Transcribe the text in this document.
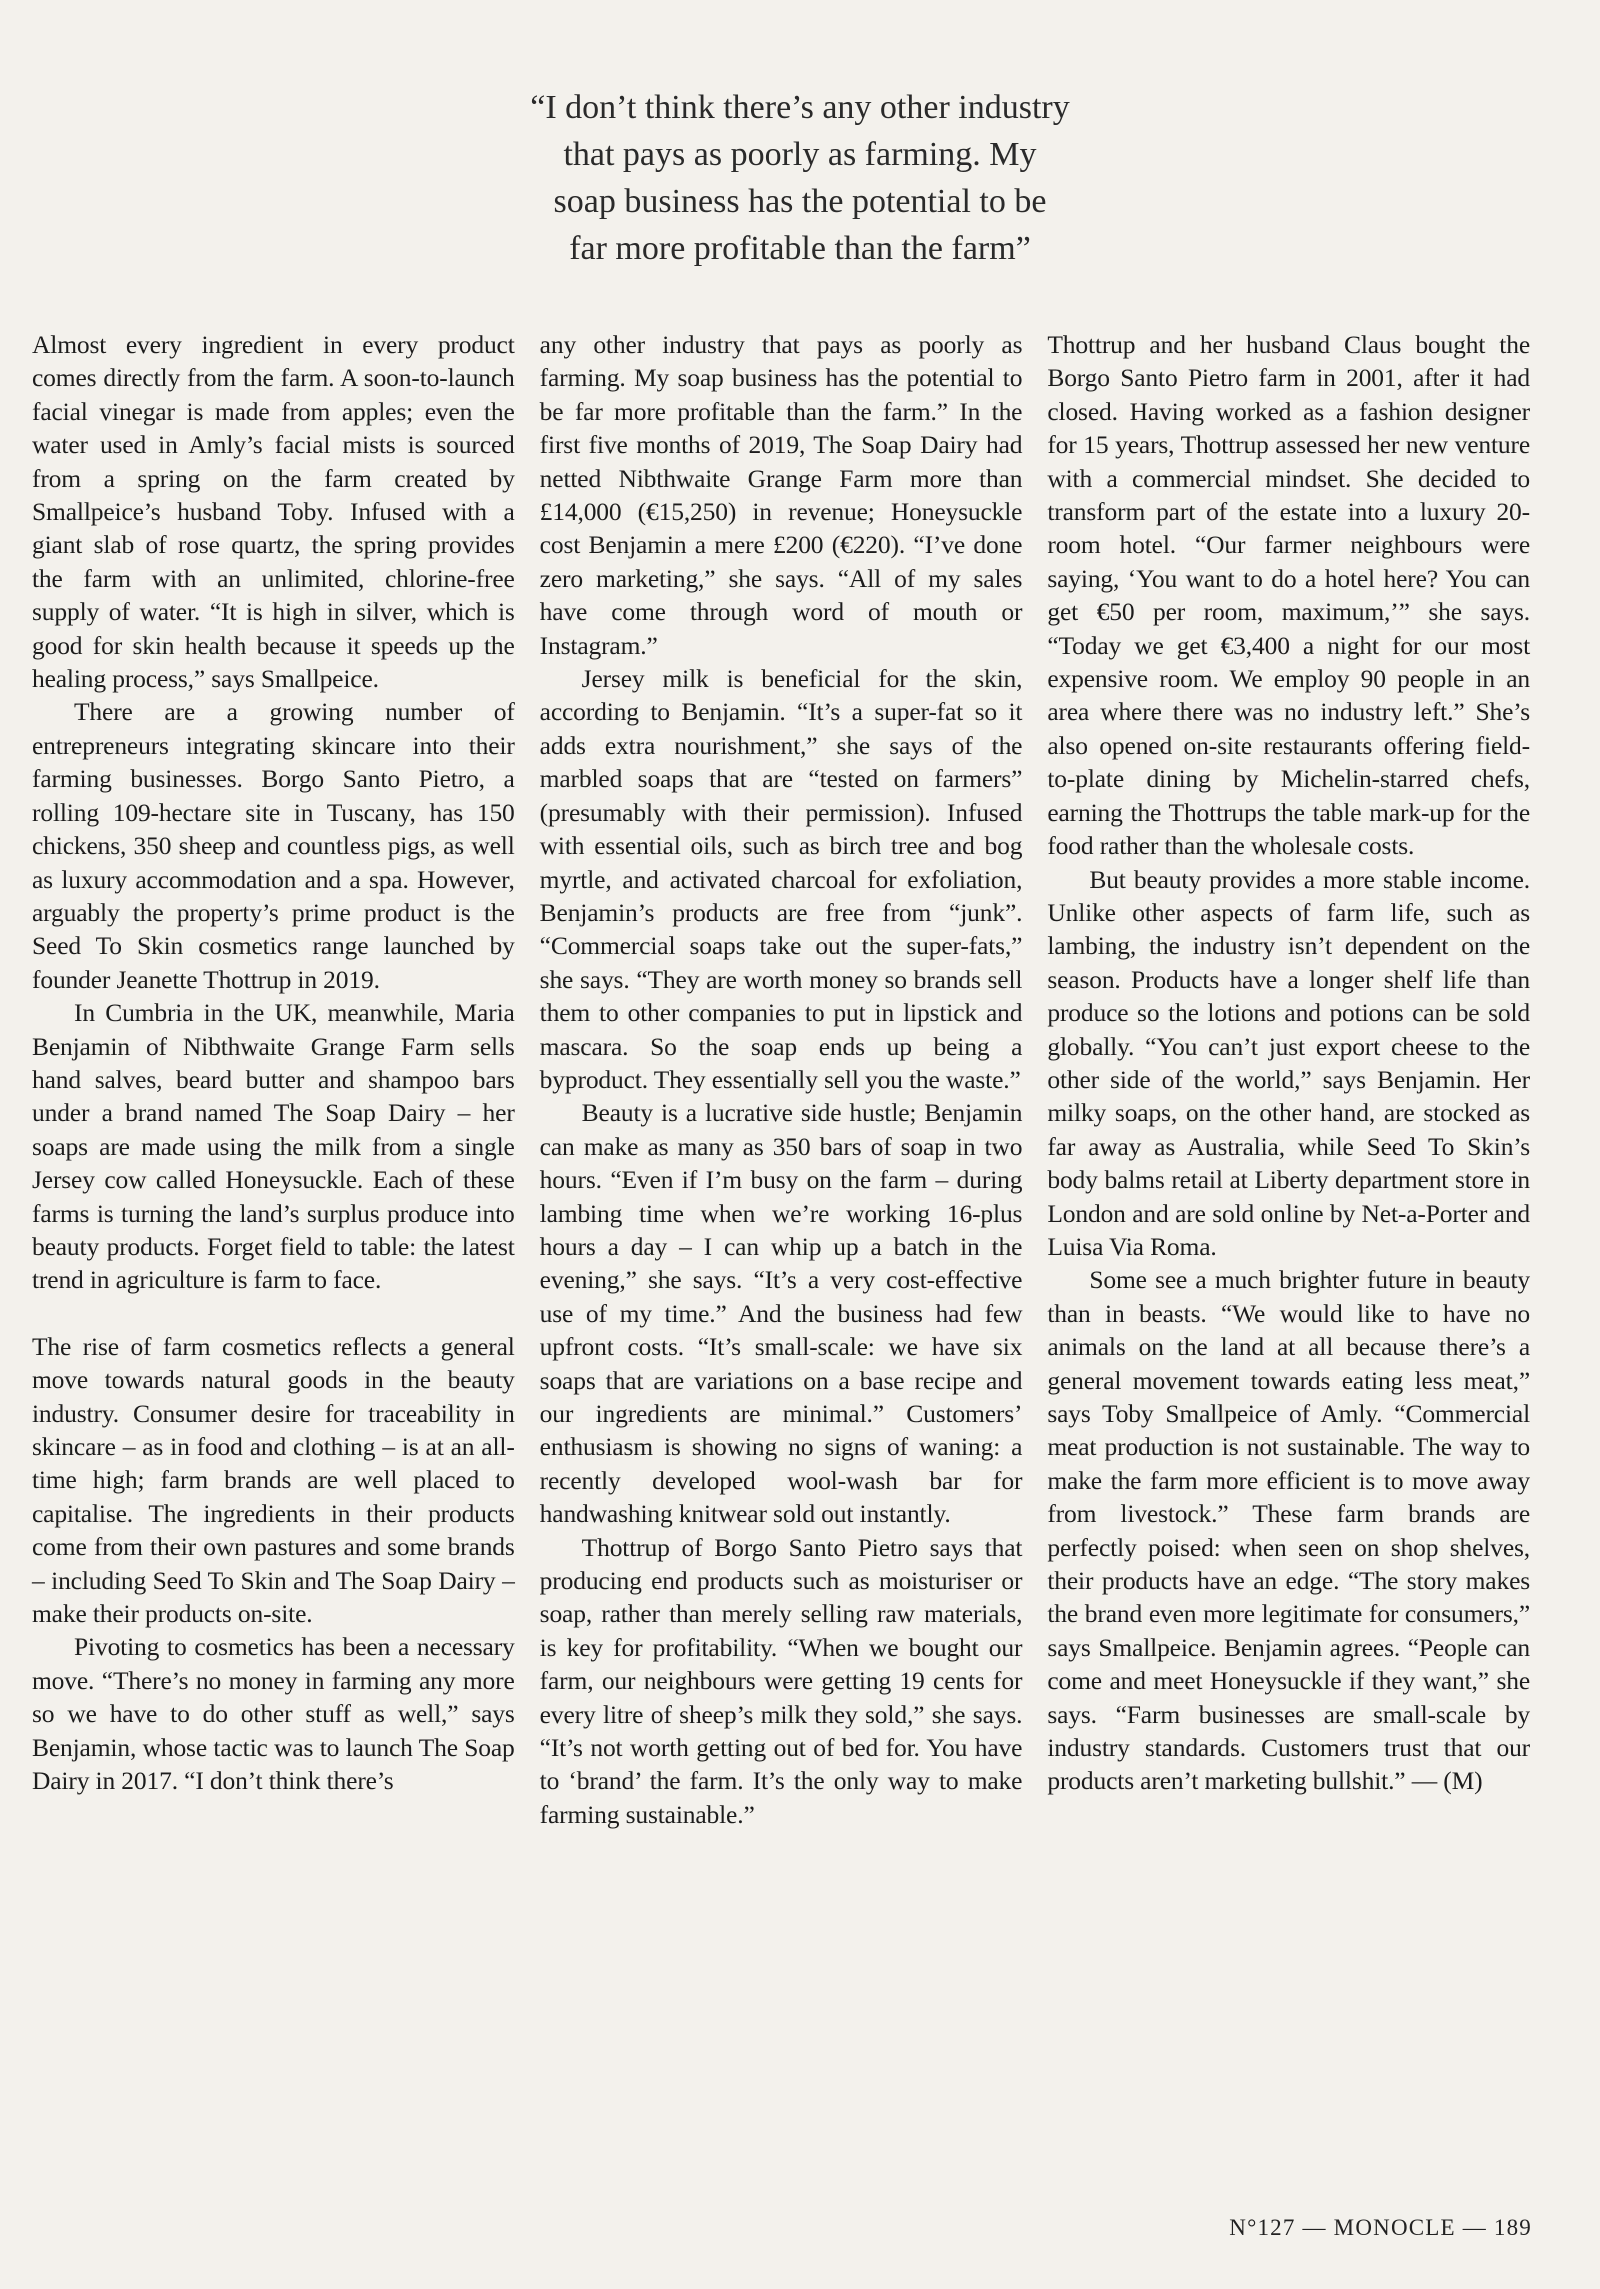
“I don’t think there’s any other industry
that pays as poorly as farming. My
soap business has the potential to be
far more profitable than the farm”

Almost every ingredient in every product comes directly from the farm. A soon-to-launch facial vinegar is made from apples; even the water used in Amly’s facial mists is sourced from a spring on the farm created by Smallpeice’s husband Toby. Infused with a giant slab of rose quartz, the spring provides the farm with an unlimited, chlorine-free supply of water. “It is high in silver, which is good for skin health because it speeds up the healing process,” says Smallpeice.

There are a growing number of entrepreneurs integrating skincare into their farming businesses. Borgo Santo Pietro, a rolling 109-hectare site in Tuscany, has 150 chickens, 350 sheep and countless pigs, as well as luxury accommodation and a spa. However, arguably the property’s prime product is the Seed To Skin cosmetics range launched by founder Jeanette Thottrup in 2019.

In Cumbria in the UK, meanwhile, Maria Benjamin of Nibthwaite Grange Farm sells hand salves, beard butter and shampoo bars under a brand named The Soap Dairy – her soaps are made using the milk from a single Jersey cow called Honeysuckle. Each of these farms is turning the land’s surplus produce into beauty products. Forget field to table: the latest trend in agriculture is farm to face.

The rise of farm cosmetics reflects a general move towards natural goods in the beauty industry. Consumer desire for traceability in skincare – as in food and clothing – is at an all-time high; farm brands are well placed to capitalise. The ingredients in their products come from their own pastures and some brands – including Seed To Skin and The Soap Dairy – make their products on-site.

Pivoting to cosmetics has been a necessary move. “There’s no money in farming any more so we have to do other stuff as well,” says Benjamin, whose tactic was to launch The Soap Dairy in 2017. “I don’t think there’s

any other industry that pays as poorly as farming. My soap business has the potential to be far more profitable than the farm.” In the first five months of 2019, The Soap Dairy had netted Nibthwaite Grange Farm more than £14,000 (€15,250) in revenue; Honeysuckle cost Benjamin a mere £200 (€220). “I’ve done zero marketing,” she says. “All of my sales have come through word of mouth or Instagram.”

Jersey milk is beneficial for the skin, according to Benjamin. “It’s a super-fat so it adds extra nourishment,” she says of the marbled soaps that are “tested on farmers” (presumably with their permission). Infused with essential oils, such as birch tree and bog myrtle, and activated charcoal for exfoliation, Benjamin’s products are free from “junk”. “Commercial soaps take out the super-fats,” she says. “They are worth money so brands sell them to other companies to put in lipstick and mascara. So the soap ends up being a byproduct. They essentially sell you the waste.”

Beauty is a lucrative side hustle; Benjamin can make as many as 350 bars of soap in two hours. “Even if I’m busy on the farm – during lambing time when we’re working 16-plus hours a day – I can whip up a batch in the evening,” she says. “It’s a very cost-effective use of my time.” And the business had few upfront costs. “It’s small-scale: we have six soaps that are variations on a base recipe and our ingredients are minimal.” Customers’ enthusiasm is showing no signs of waning: a recently developed wool-wash bar for handwashing knitwear sold out instantly.

Thottrup of Borgo Santo Pietro says that producing end products such as moisturiser or soap, rather than merely selling raw materials, is key for profitability. “When we bought our farm, our neighbours were getting 19 cents for every litre of sheep’s milk they sold,” she says. “It’s not worth getting out of bed for. You have to ‘brand’ the farm. It’s the only way to make farming sustainable.”

Thottrup and her husband Claus bought the Borgo Santo Pietro farm in 2001, after it had closed. Having worked as a fashion designer for 15 years, Thottrup assessed her new venture with a commercial mindset. She decided to transform part of the estate into a luxury 20-room hotel. “Our farmer neighbours were saying, ‘You want to do a hotel here? You can get €50 per room, maximum,’” she says. “Today we get €3,400 a night for our most expensive room. We employ 90 people in an area where there was no industry left.” She’s also opened on-site restaurants offering field-to-plate dining by Michelin-starred chefs, earning the Thottrups the table mark-up for the food rather than the wholesale costs.

But beauty provides a more stable income. Unlike other aspects of farm life, such as lambing, the industry isn’t dependent on the season. Products have a longer shelf life than produce so the lotions and potions can be sold globally. “You can’t just export cheese to the other side of the world,” says Benjamin. Her milky soaps, on the other hand, are stocked as far away as Australia, while Seed To Skin’s body balms retail at Liberty department store in London and are sold online by Net-a-Porter and Luisa Via Roma.

Some see a much brighter future in beauty than in beasts. “We would like to have no animals on the land at all because there’s a general movement towards eating less meat,” says Toby Smallpeice of Amly. “Commercial meat production is not sustainable. The way to make the farm more efficient is to move away from livestock.” These farm brands are perfectly poised: when seen on shop shelves, their products have an edge. “The story makes the brand even more legitimate for consumers,” says Smallpeice. Benjamin agrees. “People can come and meet Honeysuckle if they want,” she says. “Farm businesses are small-scale by industry standards. Customers trust that our products aren’t marketing bullshit.” — (M)

N°127 — MONOCLE — 189
